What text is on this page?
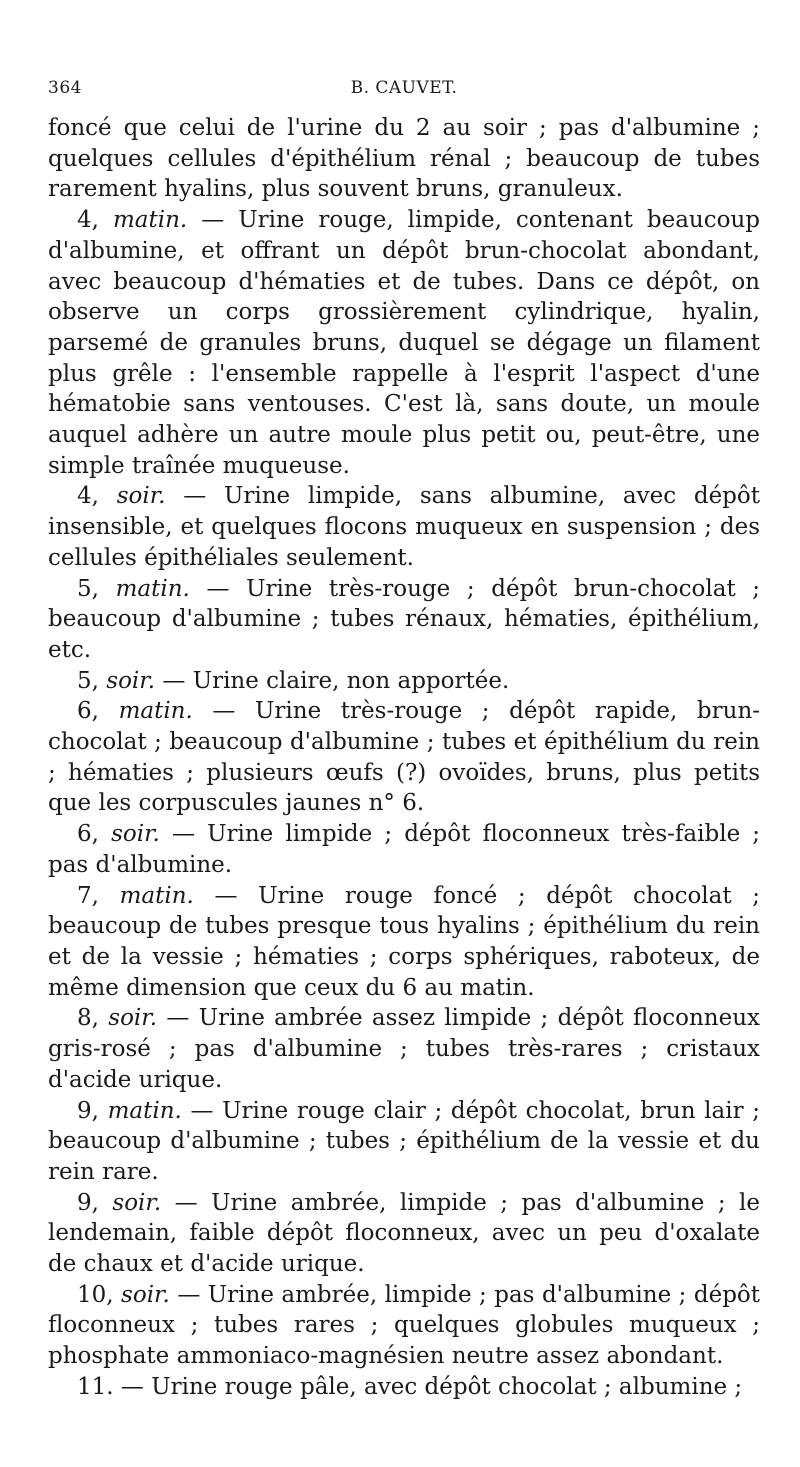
364	B. CAUVET.

foncé que celui de l'urine du 2 au soir ; pas d'albumine ; quelques cellules d'épithélium rénal ; beaucoup de tubes rarement hyalins, plus souvent bruns, granuleux.

4, matin. — Urine rouge, limpide, contenant beaucoup d'albumine, et offrant un dépôt brun-chocolat abondant, avec beaucoup d'hématies et de tubes. Dans ce dépôt, on observe un corps grossièrement cylindrique, hyalin, parsemé de granules bruns, duquel se dégage un filament plus grêle : l'ensemble rappelle à l'esprit l'aspect d'une hématobie sans ventouses. C'est là, sans doute, un moule auquel adhère un autre moule plus petit ou, peut-être, une simple traînée muqueuse.

4, soir. — Urine limpide, sans albumine, avec dépôt insensible, et quelques flocons muqueux en suspension ; des cellules épithéliales seulement.

5, matin. — Urine très-rouge ; dépôt brun-chocolat ; beaucoup d'albumine ; tubes rénaux, hématies, épithélium, etc.

5, soir. — Urine claire, non apportée.

6, matin. — Urine très-rouge ; dépôt rapide, brun-chocolat ; beaucoup d'albumine ; tubes et épithélium du rein ; hématies ; plusieurs œufs (?) ovoïdes, bruns, plus petits que les corpuscules jaunes n° 6.

6, soir. — Urine limpide ; dépôt floconneux très-faible ; pas d'albumine.

7, matin. — Urine rouge foncé ; dépôt chocolat ; beaucoup de tubes presque tous hyalins ; épithélium du rein et de la vessie ; hématies ; corps sphériques, raboteux, de même dimension que ceux du 6 au matin.

8, soir. — Urine ambrée assez limpide ; dépôt floconneux gris-rosé ; pas d'albumine ; tubes très-rares ; cristaux d'acide urique.

9, matin. — Urine rouge clair ; dépôt chocolat, brun lair ; beaucoup d'albumine ; tubes ; épithélium de la vessie et du rein rare.

9, soir. — Urine ambrée, limpide ; pas d'albumine ; le lendemain, faible dépôt floconneux, avec un peu d'oxalate de chaux et d'acide urique.

10, soir. — Urine ambrée, limpide ; pas d'albumine ; dépôt floconneux ; tubes rares ; quelques globules muqueux ; phosphate ammoniaco-magnésien neutre assez abondant.

11. — Urine rouge pâle, avec dépôt chocolat ; albumine ;
